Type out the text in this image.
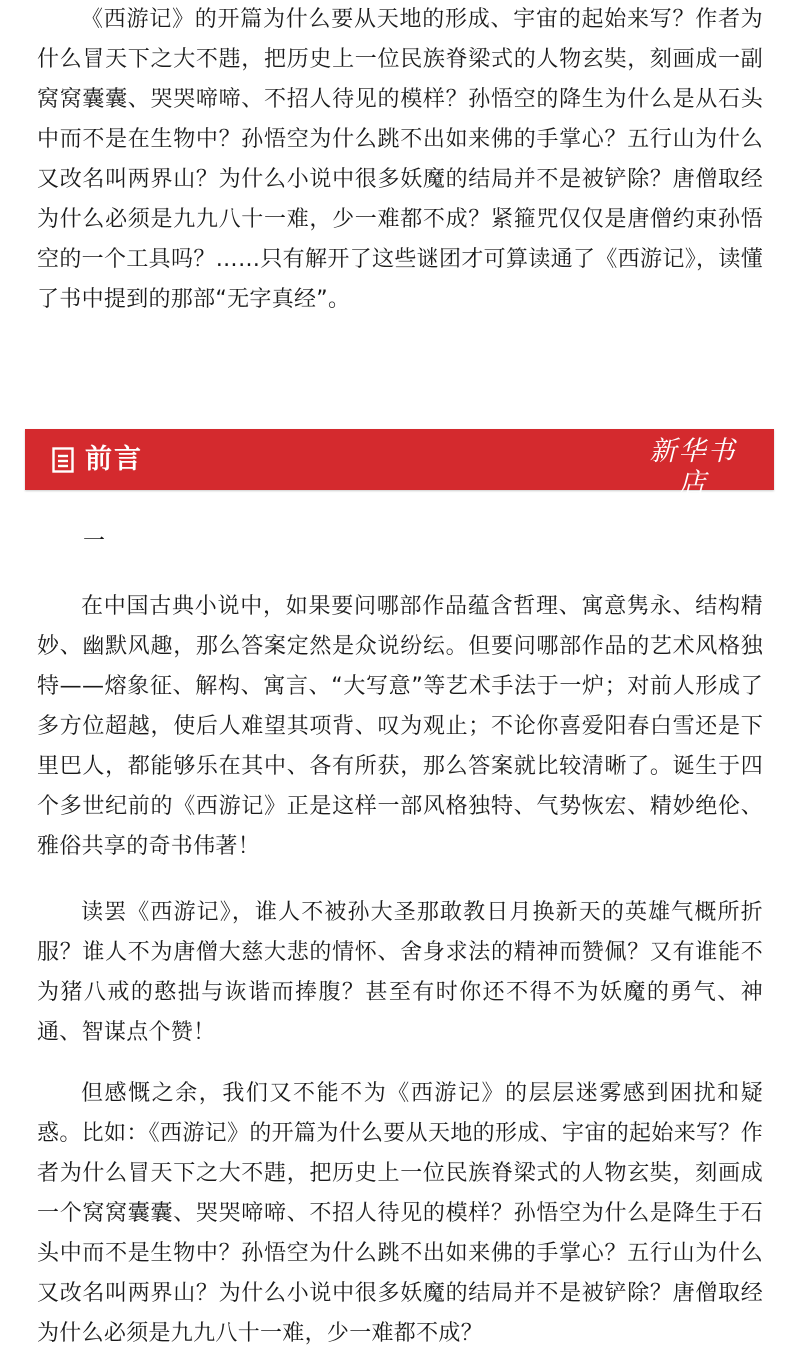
《西游记》的开篇为什么要从天地的形成、宇宙的起始来写？作者为什么冒天下之大不韪，把历史上一位民族脊梁式的人物玄奘，刻画成一副窝窝囊囊、哭哭啼啼、不招人待见的模样？孙悟空的降生为什么是从石头中而不是在生物中？孙悟空为什么跳不出如来佛的手掌心？五行山为什么又改名叫两界山？为什么小说中很多妖魔的结局并不是被铲除？唐僧取经为什么必须是九九八十一难，少一难都不成？紧箍咒仅仅是唐僧约束孙悟空的一个工具吗？……只有解开了这些谜团才可算读通了《西游记》，读懂了书中提到的那部“无字真经”。

前言	新华书店
XINHUA BOOKSTORE
一

在中国古典小说中，如果要问哪部作品蕴含哲理、寓意隽永、结构精妙、幽默风趣，那么答案定然是众说纷纭。但要问哪部作品的艺术风格独特——熔象征、解构、寓言、“大写意”等艺术手法于一炉；对前人形成了多方位超越，使后人难望其项背、叹为观止；不论你喜爱阳春白雪还是下里巴人，都能够乐在其中、各有所获，那么答案就比较清晰了。诞生于四个多世纪前的《西游记》正是这样一部风格独特、气势恢宏、精妙绝伦、雅俗共享的奇书伟著！

读罢《西游记》，谁人不被孙大圣那敢教日月换新天的英雄气概所折服？谁人不为唐僧大慈大悲的情怀、舍身求法的精神而赞佩？又有谁能不为猪八戒的憨拙与诙谐而捧腹？甚至有时你还不得不为妖魔的勇气、神通、智谋点个赞！

但感慨之余，我们又不能不为《西游记》的层层迷雾感到困扰和疑惑。比如：《西游记》的开篇为什么要从天地的形成、宇宙的起始来写？作者为什么冒天下之大不韪，把历史上一位民族脊梁式的人物玄奘，刻画成一个窝窝囊囊、哭哭啼啼、不招人待见的模样？孙悟空为什么是降生于石头中而不是生物中？孙悟空为什么跳不出如来佛的手掌心？五行山为什么又改名叫两界山？为什么小说中很多妖魔的结局并不是被铲除？唐僧取经为什么必须是九九八十一难，少一难都不成？
